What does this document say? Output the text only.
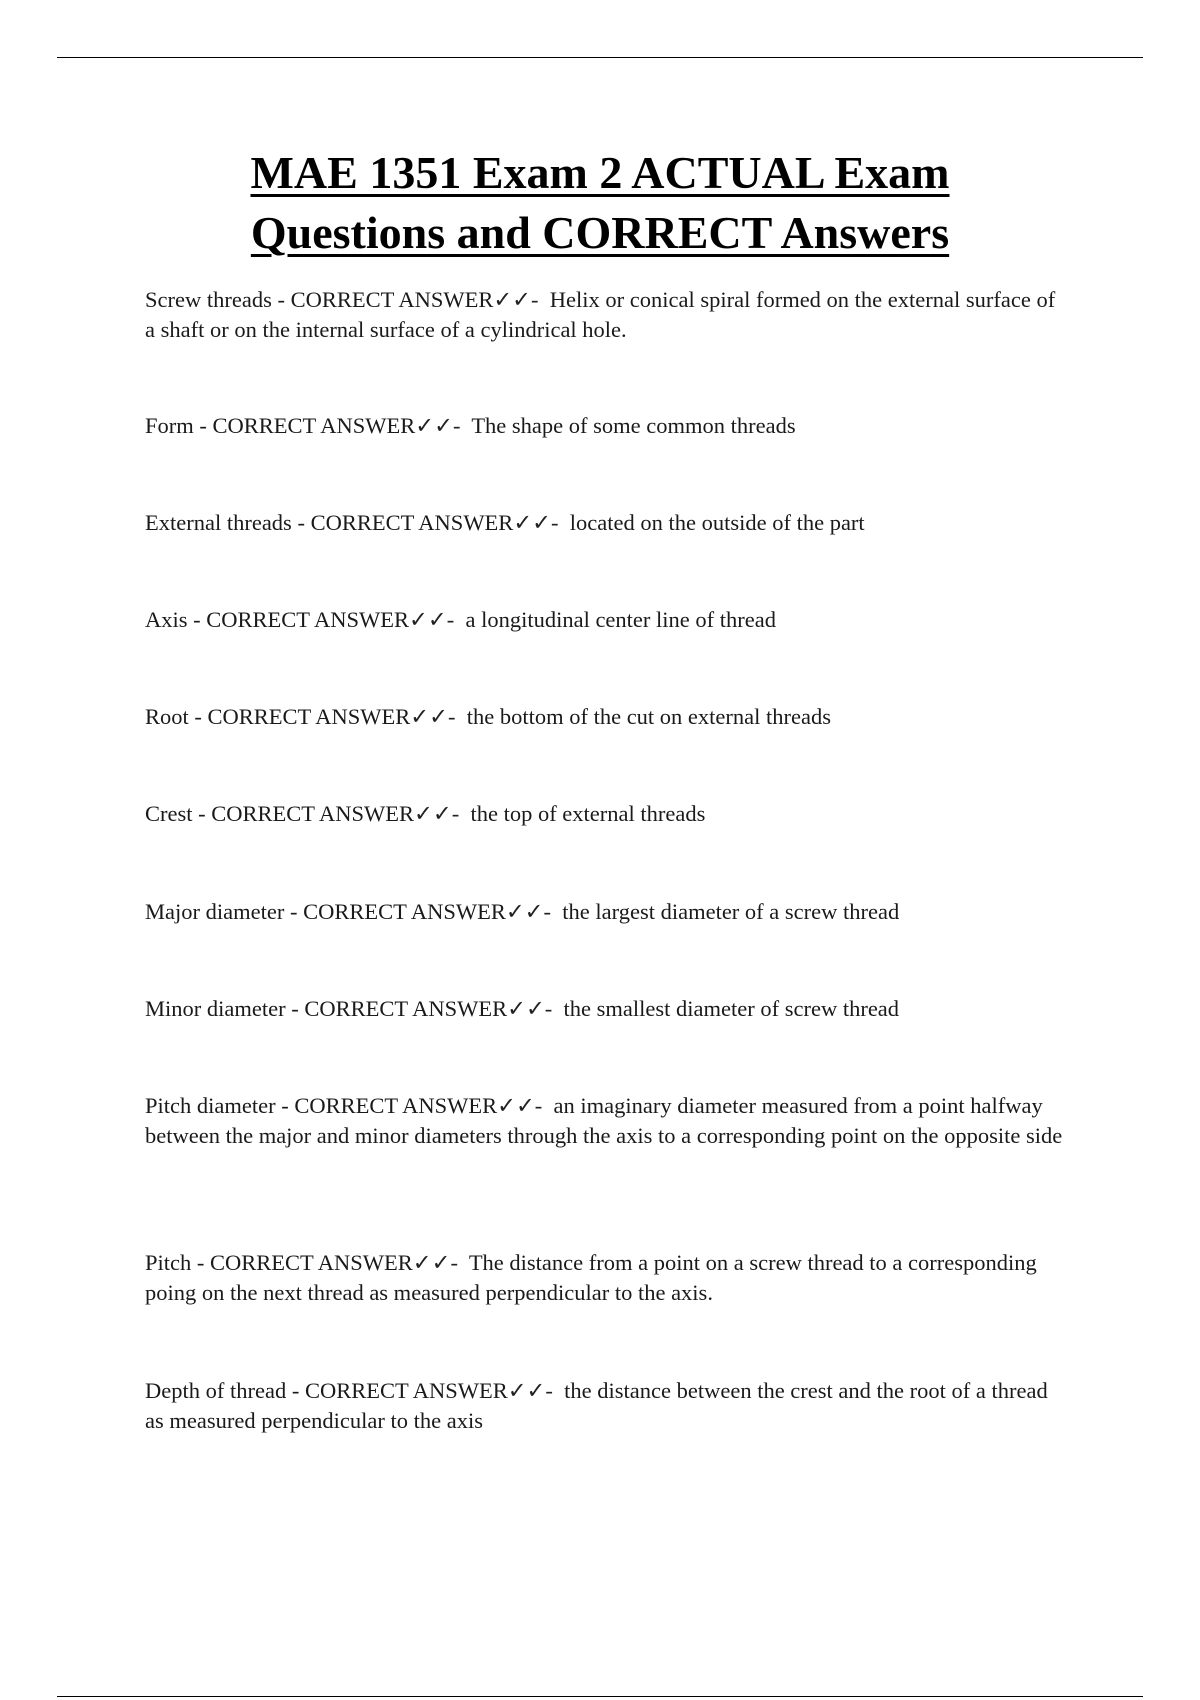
MAE 1351 Exam 2 ACTUAL Exam
Questions and CORRECT Answers

Screw threads - CORRECT ANSWER✓✓-  Helix or conical spiral formed on the external surface of a shaft or on the internal surface of a cylindrical hole.

Form - CORRECT ANSWER✓✓-  The shape of some common threads

External threads - CORRECT ANSWER✓✓-  located on the outside of the part

Axis - CORRECT ANSWER✓✓-  a longitudinal center line of thread

Root - CORRECT ANSWER✓✓-  the bottom of the cut on external threads

Crest - CORRECT ANSWER✓✓-  the top of external threads

Major diameter - CORRECT ANSWER✓✓-  the largest diameter of a screw thread

Minor diameter - CORRECT ANSWER✓✓-  the smallest diameter of screw thread

Pitch diameter - CORRECT ANSWER✓✓-  an imaginary diameter measured from a point halfway between the major and minor diameters through the axis to a corresponding point on the opposite side

Pitch - CORRECT ANSWER✓✓-  The distance from a point on a screw thread to a corresponding poing on the next thread as measured perpendicular to the axis.

Depth of thread - CORRECT ANSWER✓✓-  the distance between the crest and the root of a thread as measured perpendicular to the axis
